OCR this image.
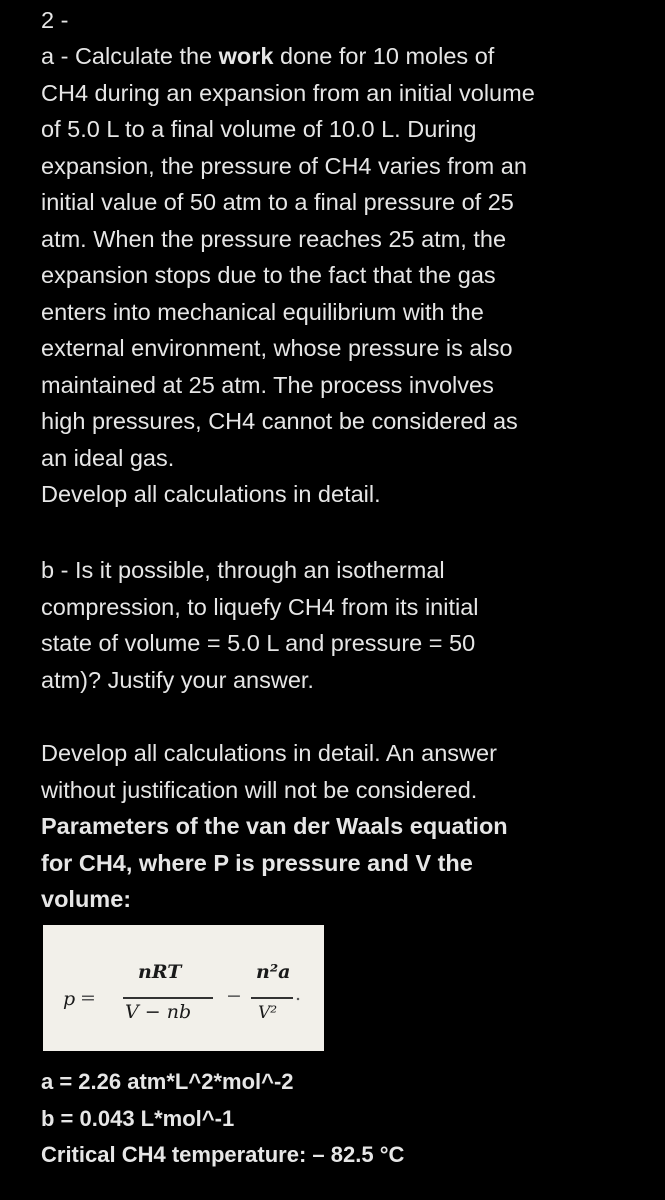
2 -
a - Calculate the work done for 10 moles of
CH4 during an expansion from an initial volume
of 5.0 L to a final volume of 10.0 L. During
expansion, the pressure of CH4 varies from an
initial value of 50 atm to a final pressure of 25
atm. When the pressure reaches 25 atm, the
expansion stops due to the fact that the gas
enters into mechanical equilibrium with the
external environment, whose pressure is also
maintained at 25 atm. The process involves
high pressures, CH4 cannot be considered as
an ideal gas.
Develop all calculations in detail.
b - Is it possible, through an isothermal
compression, to liquefy CH4 from its initial
state of volume = 5.0 L and pressure = 50
atm)? Justify your answer.
Develop all calculations in detail. An answer
without justification will not be considered.
Parameters of the van der Waals equation
for CH4, where P is pressure and V the
volume:
p =
nRT
V − nb
−
n²a
V²
.
a = 2.26 atm*L^2*mol^-2
b = 0.043 L*mol^-1
Critical CH4 temperature: – 82.5 °C
